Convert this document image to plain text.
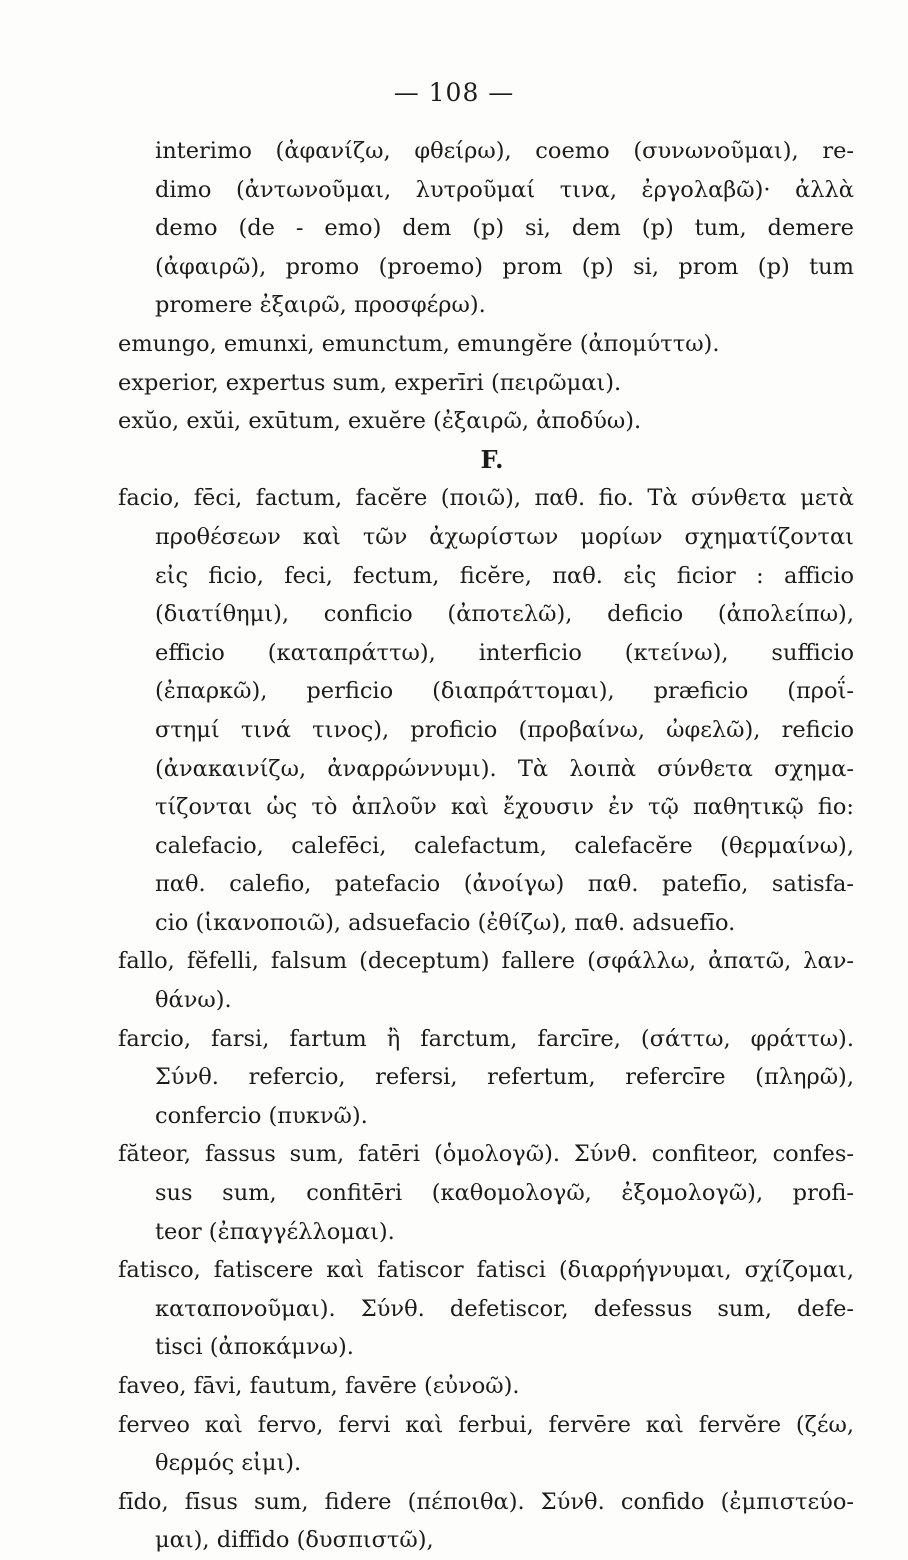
— 108 —
interimo (ἀφανίζω, φθείρω), coemo (συνωνοῦμαι), re-
dimo (ἀντωνοῦμαι, λυτροῦμαί τινα, ἐργολαβῶ)· ἀλλὰ
demo (de - emo) dem (p) si, dem (p) tum, demere
(ἀφαιρῶ), promo (proemo) prom (p) si, prom (p) tum
promere ἐξαιρῶ, προσφέρω).
emungo, emunxi, emunctum, emungĕre (ἀπομύττω).
experior, expertus sum, experīri (πειρῶμαι).
exŭo, exŭi, exūtum, exuĕre (ἐξαιρῶ, ἀποδύω).
F.
facio, fēci, factum, facĕre (ποιῶ), παθ. fio. Τὰ σύνθετα μετὰ
προθέσεων καὶ τῶν ἀχωρίστων μορίων σχηματίζονται
εἰς ficio, feci, fectum, ficĕre, παθ. εἰς ficior : afficio
(διατίθημι), conficio (ἀποτελῶ), deficio (ἀπολείπω),
efficio (καταπράττω), interficio (κτείνω), sufficio
(ἐπαρκῶ), perficio (διαπράττομαι), præficio (προΐ-
στημί τινά τινος), proficio (προβαίνω, ὠφελῶ), reficio
(ἀνακαινίζω, ἀναρρώννυμι). Τὰ λοιπὰ σύνθετα σχημα-
τίζονται ὡς τὸ ἁπλοῦν καὶ ἔχουσιν ἐν τῷ παθητικῷ fio:
calefacio, calefēci, calefactum, calefacĕre (θερμαίνω),
παθ. calefio, patefacio (ἀνοίγω) παθ. patefīo, satisfa-
cio (ἱκανοποιῶ), adsuefacio (ἐθίζω), παθ. adsuefīo.
fallo, fĕfelli, falsum (deceptum) fallere (σφάλλω, ἀπατῶ, λαν-
θάνω).
farcio, farsi, fartum ἢ farctum, farcīre, (σάττω, φράττω).
Σύνθ. refercio, refersi, refertum, refercīre (πληρῶ),
confercio (πυκνῶ).
făteor, fassus sum, fatēri (ὁμολογῶ). Σύνθ. confiteor, confes-
sus sum, confitēri (καθομολογῶ, ἐξομολογῶ), profi-
teor (ἐπαγγέλλομαι).
fatisco, fatiscere καὶ fatiscor fatisci (διαρρήγνυμαι, σχίζομαι,
καταπονοῦμαι). Σύνθ. defetiscor, defessus sum, defe-
tisci (ἀποκάμνω).
faveo, fāvi, fautum, favēre (εὐνοῶ).
ferveo καὶ fervo, fervi καὶ ferbui, fervēre καὶ fervĕre (ζέω,
θερμός εἰμι).
fīdo, fīsus sum, fidere (πέποιθα). Σύνθ. confido (ἐμπιστεύο-
μαι), diffido (δυσπιστῶ),
